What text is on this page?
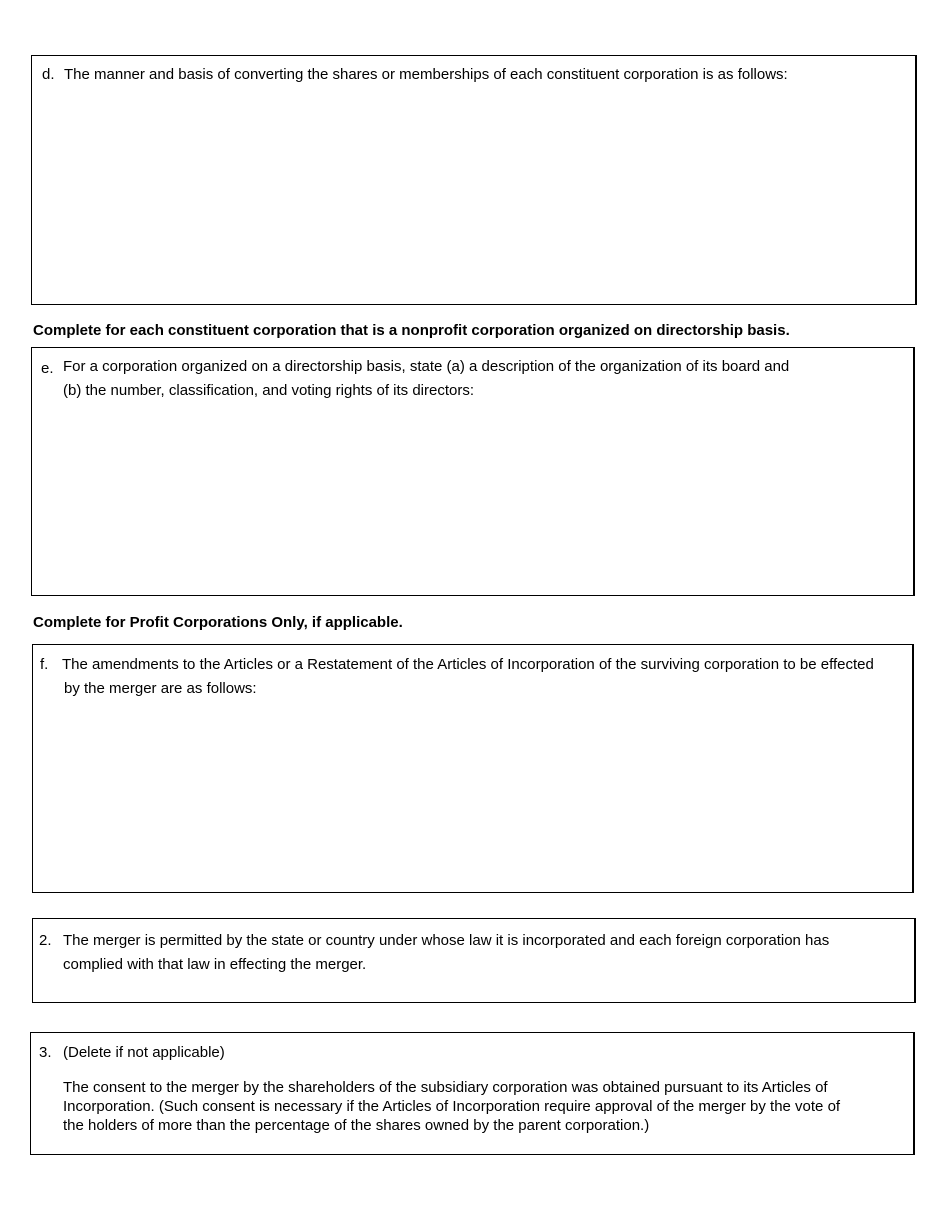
d. The manner and basis of converting the shares or memberships of each constituent corporation is as follows:
Complete for each constituent corporation that is a nonprofit corporation organized on directorship basis.
e. For a corporation organized on a directorship basis, state (a) a description of the organization of its board and
(b) the number, classification, and voting rights of its directors:
Complete for Profit Corporations Only, if applicable.
f. The amendments to the Articles or a Restatement of the Articles of Incorporation of the surviving corporation to be effected
by the merger are as follows:
2. The merger is permitted by the state or country under whose law it is incorporated and each foreign corporation has
complied with that law in effecting the merger.
3. (Delete if not applicable)
The consent to the merger by the shareholders of the subsidiary corporation was obtained pursuant to its Articles of
Incorporation. (Such consent is necessary if the Articles of Incorporation require approval of the merger by the vote of
the holders of more than the percentage of the shares owned by the parent corporation.)
